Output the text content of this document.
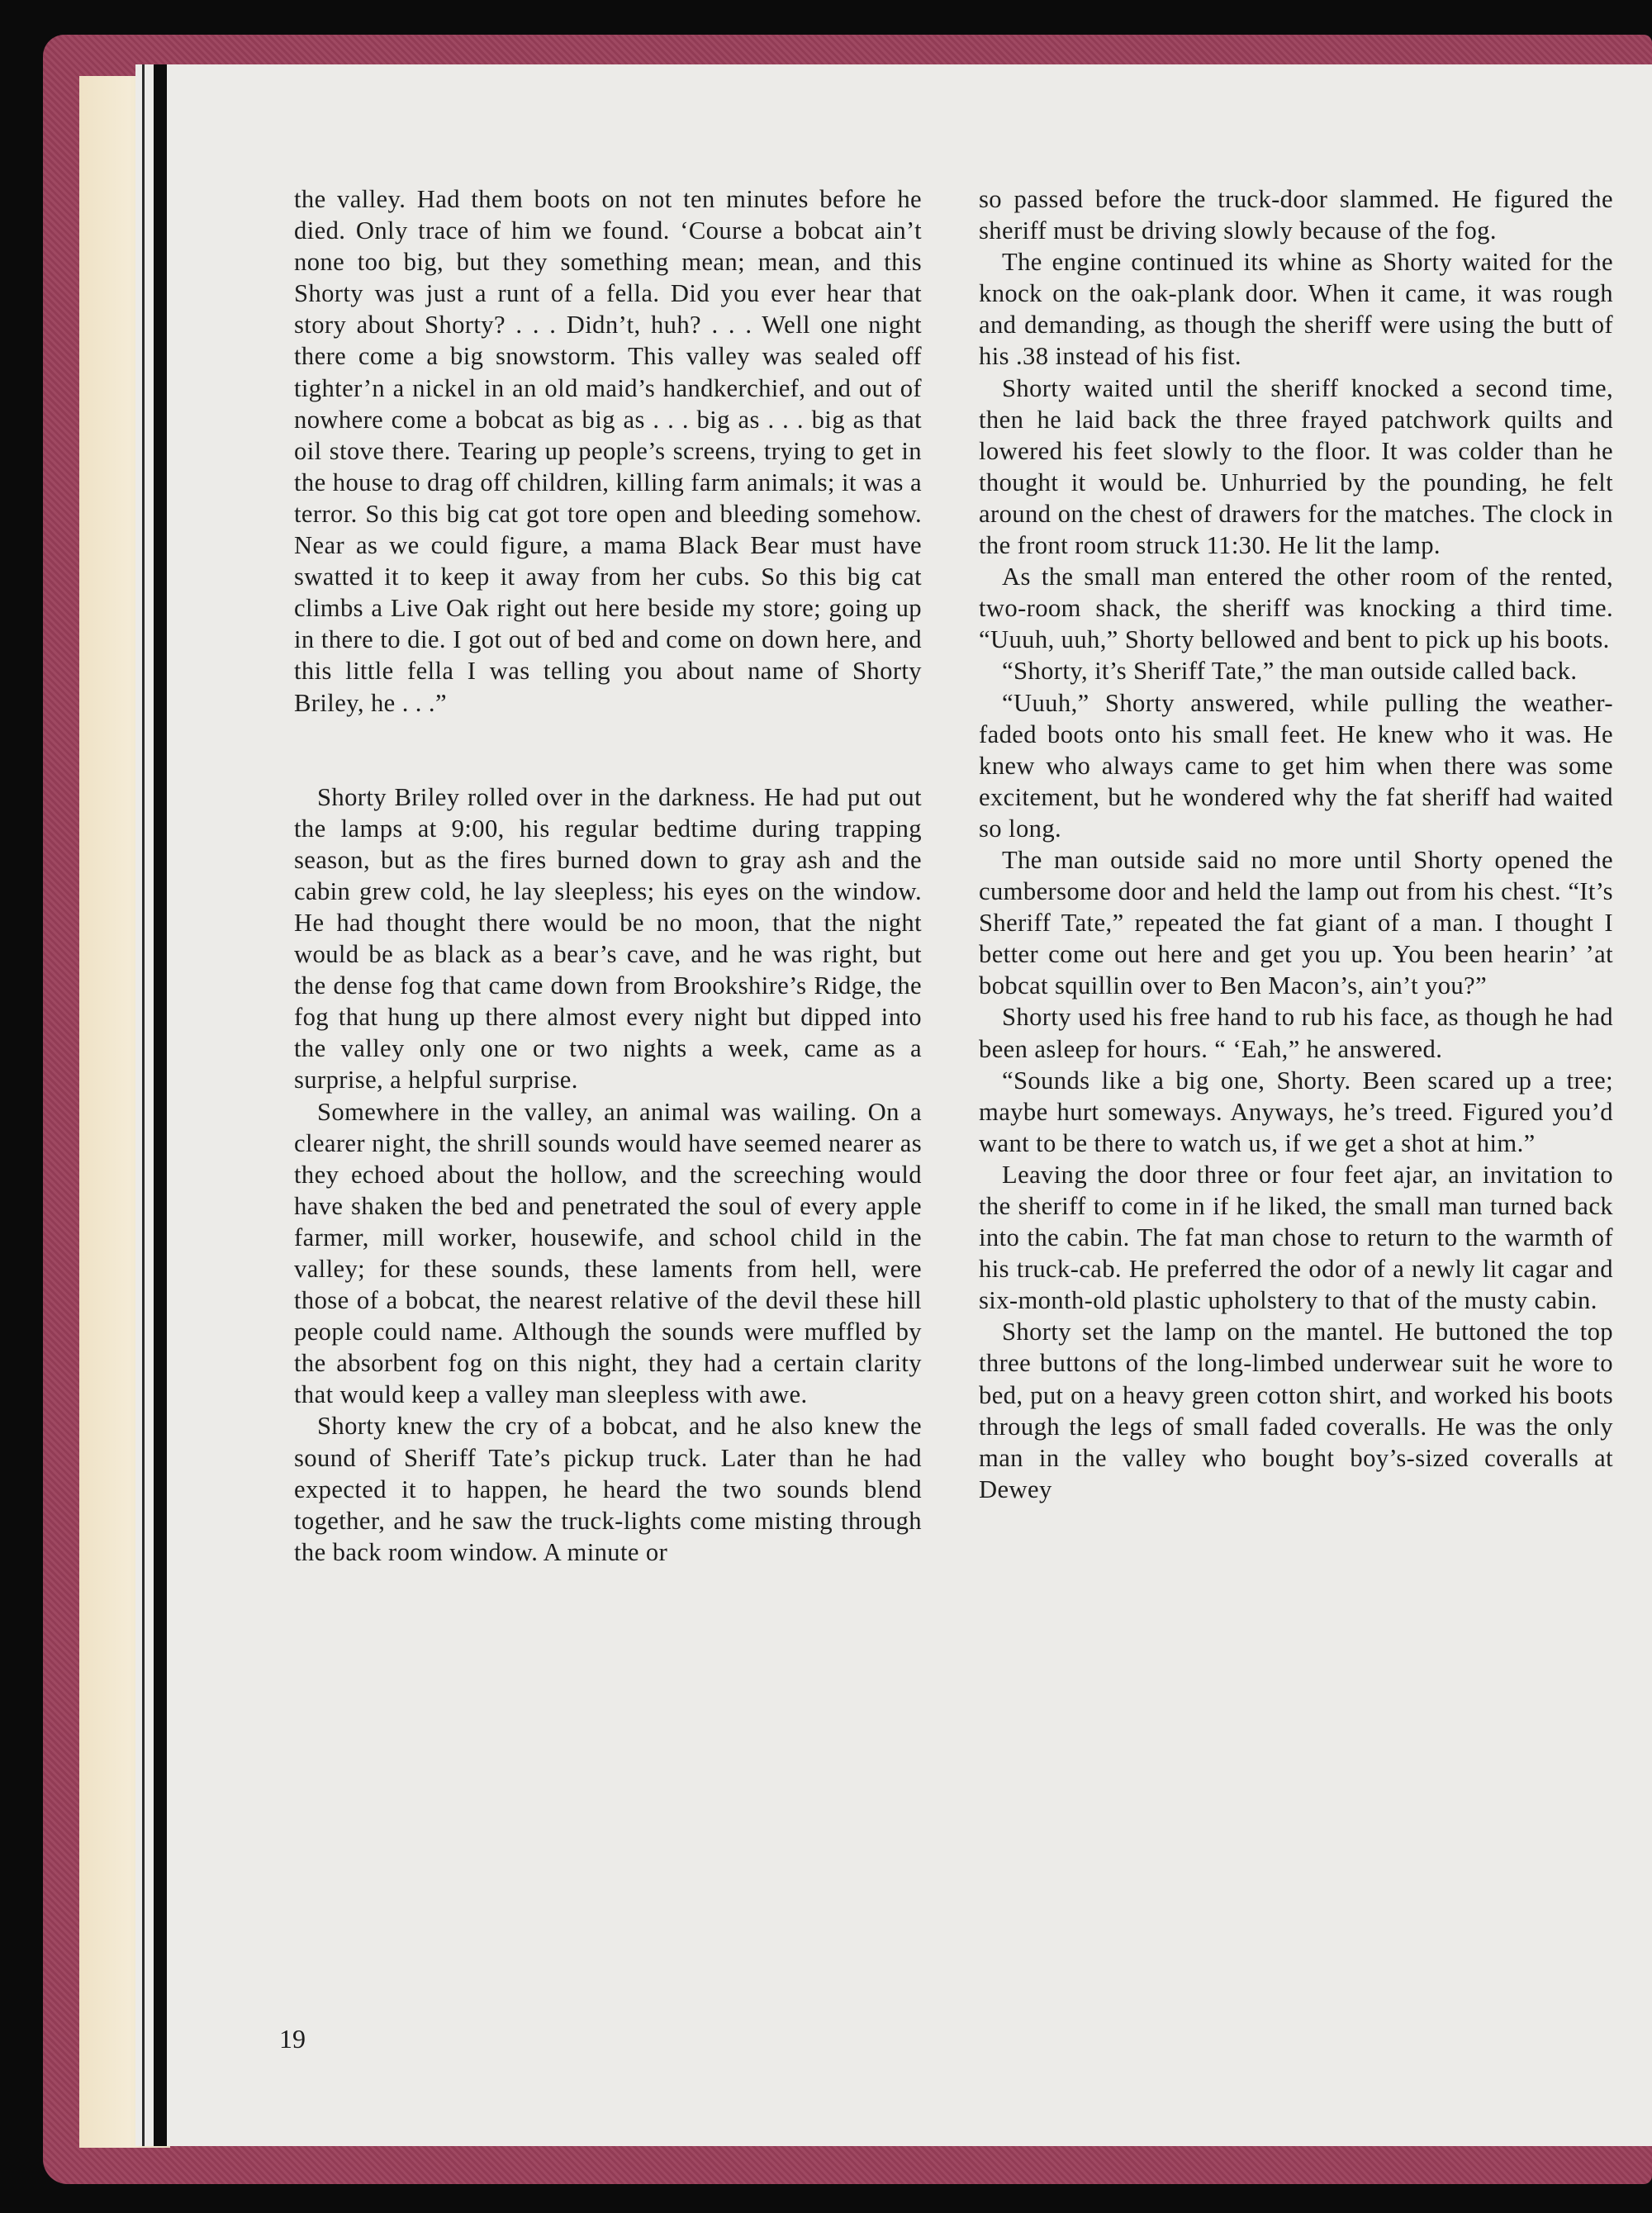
the valley. Had them boots on not ten minutes before he died. Only trace of him we found. ‘Course a bobcat ain’t none too big, but they something mean; mean, and this Shorty was just a runt of a fella. Did you ever hear that story about Shorty? . . . Didn’t, huh? . . . Well one night there come a big snowstorm. This valley was sealed off tighter’n a nickel in an old maid’s handkerchief, and out of nowhere come a bobcat as big as . . . big as . . . big as that oil stove there. Tearing up people’s screens, trying to get in the house to drag off children, killing farm animals; it was a terror. So this big cat got tore open and bleeding somehow. Near as we could figure, a mama Black Bear must have swatted it to keep it away from her cubs. So this big cat climbs a Live Oak right out here beside my store; going up in there to die. I got out of bed and come on down here, and this little fella I was telling you about name of Shorty Briley, he . . .”

Shorty Briley rolled over in the darkness. He had put out the lamps at 9:00, his regular bedtime during trapping season, but as the fires burned down to gray ash and the cabin grew cold, he lay sleepless; his eyes on the window. He had thought there would be no moon, that the night would be as black as a bear’s cave, and he was right, but the dense fog that came down from Brookshire’s Ridge, the fog that hung up there almost every night but dipped into the valley only one or two nights a week, came as a surprise, a helpful surprise.

Somewhere in the valley, an animal was wailing. On a clearer night, the shrill sounds would have seemed nearer as they echoed about the hollow, and the screeching would have shaken the bed and penetrated the soul of every apple farmer, mill worker, housewife, and school child in the valley; for these sounds, these laments from hell, were those of a bobcat, the nearest relative of the devil these hill people could name. Although the sounds were muffled by the absorbent fog on this night, they had a certain clarity that would keep a valley man sleepless with awe.

Shorty knew the cry of a bobcat, and he also knew the sound of Sheriff Tate’s pickup truck. Later than he had expected it to happen, he heard the two sounds blend together, and he saw the truck-lights come misting through the back room window. A minute or

so passed before the truck-door slammed. He figured the sheriff must be driving slowly because of the fog.

The engine continued its whine as Shorty waited for the knock on the oak-plank door. When it came, it was rough and demanding, as though the sheriff were using the butt of his .38 instead of his fist.

Shorty waited until the sheriff knocked a second time, then he laid back the three frayed patchwork quilts and lowered his feet slowly to the floor. It was colder than he thought it would be. Unhurried by the pounding, he felt around on the chest of drawers for the matches. The clock in the front room struck 11:30. He lit the lamp.

As the small man entered the other room of the rented, two-room shack, the sheriff was knocking a third time. “Uuuh, uuh,” Shorty bellowed and bent to pick up his boots.

“Shorty, it’s Sheriff Tate,” the man outside called back.

“Uuuh,” Shorty answered, while pulling the weather-faded boots onto his small feet. He knew who it was. He knew who always came to get him when there was some excitement, but he wondered why the fat sheriff had waited so long.

The man outside said no more until Shorty opened the cumbersome door and held the lamp out from his chest. “It’s Sheriff Tate,” repeated the fat giant of a man. I thought I better come out here and get you up. You been hearin’ ’at bobcat squillin over to Ben Macon’s, ain’t you?”

Shorty used his free hand to rub his face, as though he had been asleep for hours. “ ‘Eah,” he answered.

“Sounds like a big one, Shorty. Been scared up a tree; maybe hurt someways. Anyways, he’s treed. Figured you’d want to be there to watch us, if we get a shot at him.”

Leaving the door three or four feet ajar, an invitation to the sheriff to come in if he liked, the small man turned back into the cabin. The fat man chose to return to the warmth of his truck-cab. He preferred the odor of a newly lit cagar and six-month-old plastic upholstery to that of the musty cabin.

Shorty set the lamp on the mantel. He buttoned the top three buttons of the long-limbed underwear suit he wore to bed, put on a heavy green cotton shirt, and worked his boots through the legs of small faded coveralls. He was the only man in the valley who bought boy’s-sized coveralls at Dewey

19
